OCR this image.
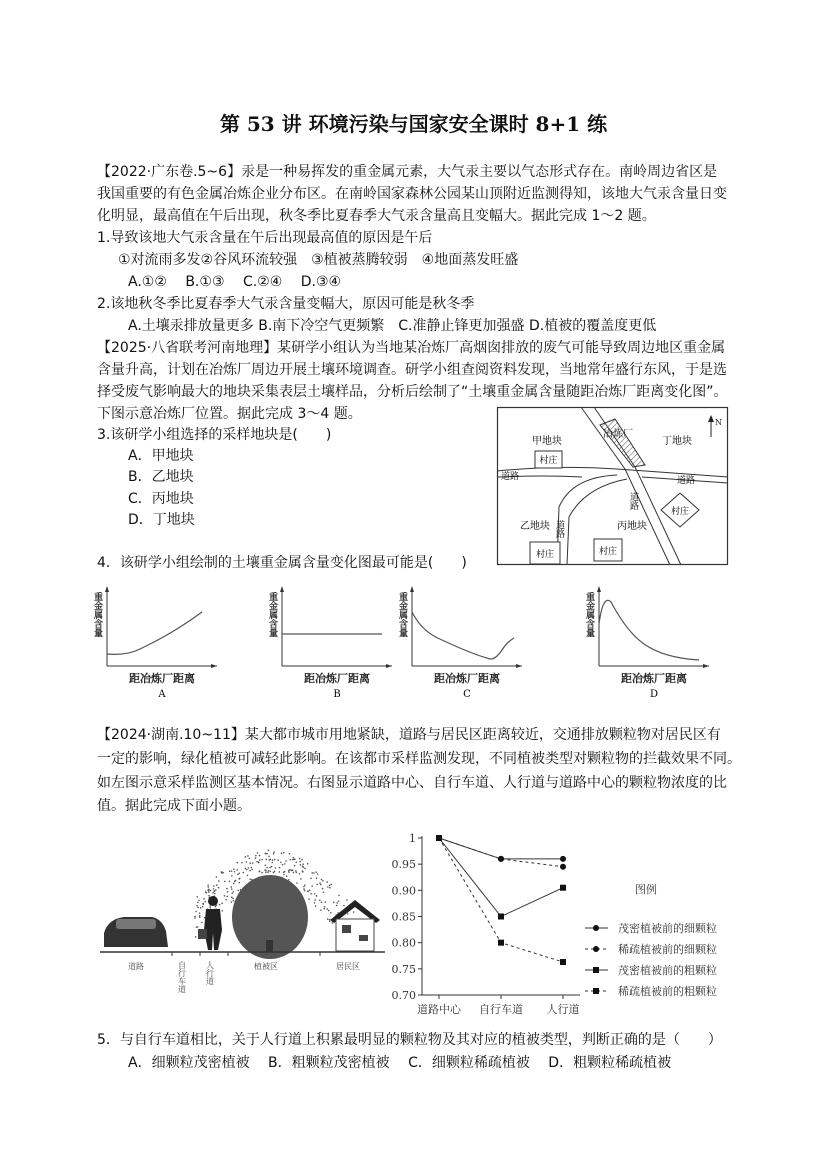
第 53 讲 环境污染与国家安全课时 8+1 练
【2022·广东卷.5~6】汞是一种易挥发的重金属元素，大气汞主要以气态形式存在。南岭周边省区是
我国重要的有色金属冶炼企业分布区。在南岭国家森林公园某山顶附近监测得知，该地大气汞含量日变
化明显，最高值在午后出现，秋冬季比夏春季大气汞含量高且变幅大。据此完成 1～2 题。
1.导致该地大气汞含量在午后出现最高值的原因是午后
①对流雨多发②谷风环流较强　③植被蒸腾较弱　④地面蒸发旺盛
A.①②　 B.①③　 C.②④　 D.③④
2.该地秋冬季比夏春季大气汞含量变幅大，原因可能是秋冬季
A.土壤汞排放量更多 B.南下冷空气更频繁　C.准静止锋更加强盛 D.植被的覆盖度更低
【2025·八省联考河南地理】某研学小组认为当地某冶炼厂高烟囱排放的废气可能导致周边地区重金属
含量升高，计划在冶炼厂周边开展土壤环境调查。研学小组查阅资料发现，当地常年盛行东风，于是选
择受废气影响最大的地块采集表层土壤样品，分析后绘制了“土壤重金属含量随距冶炼厂距离变化图”。
下图示意冶炼厂位置。据此完成 3～4 题。
3.该研学小组选择的采样地块是(　　)
A．甲地块
B．乙地块
C．丙地块
D．丁地块
4．该研学小组绘制的土壤重金属含量变化图最可能是(　　)
冶炼厂
N
甲地块	丁地块
乙地块	丙地块
村庄
村庄	村庄
村庄
道路	道路
道路
道路
重金属含量
距冶炼厂距离
A
重金属含量
距冶炼厂距离
B
重金属含量
距冶炼厂距离
C
重金属含量
距冶炼厂距离
D
【2024·湖南.10~11】某大都市城市用地紧缺，道路与居民区距离较近，交通排放颗粒物对居民区有
一定的影响，绿化植被可减轻此影响。在该都市采样监测发现，不同植被类型对颗粒物的拦截效果不同。
如左图示意采样监测区基本情况。右图显示道路中心、自行车道、人行道与道路中心的颗粒物浓度的比
值。据此完成下面小题。
道路	自行车道 人行道	植被区	居民区
1
0.95
0.90
0.85
0.80
0.75
0.70
道路中心 自行车道 人行道
茂密植被前的细颗粒
稀疏植被前的细颗粒
茂密植被前的粗颗粒
稀疏植被前的粗颗粒
图例
5．与自行车道相比，关于人行道上积累最明显的颗粒物及其对应的植被类型，判断正确的是（　　）
A．细颗粒茂密植被　 B．粗颗粒茂密植被　 C．细颗粒稀疏植被　 D．粗颗粒稀疏植被
